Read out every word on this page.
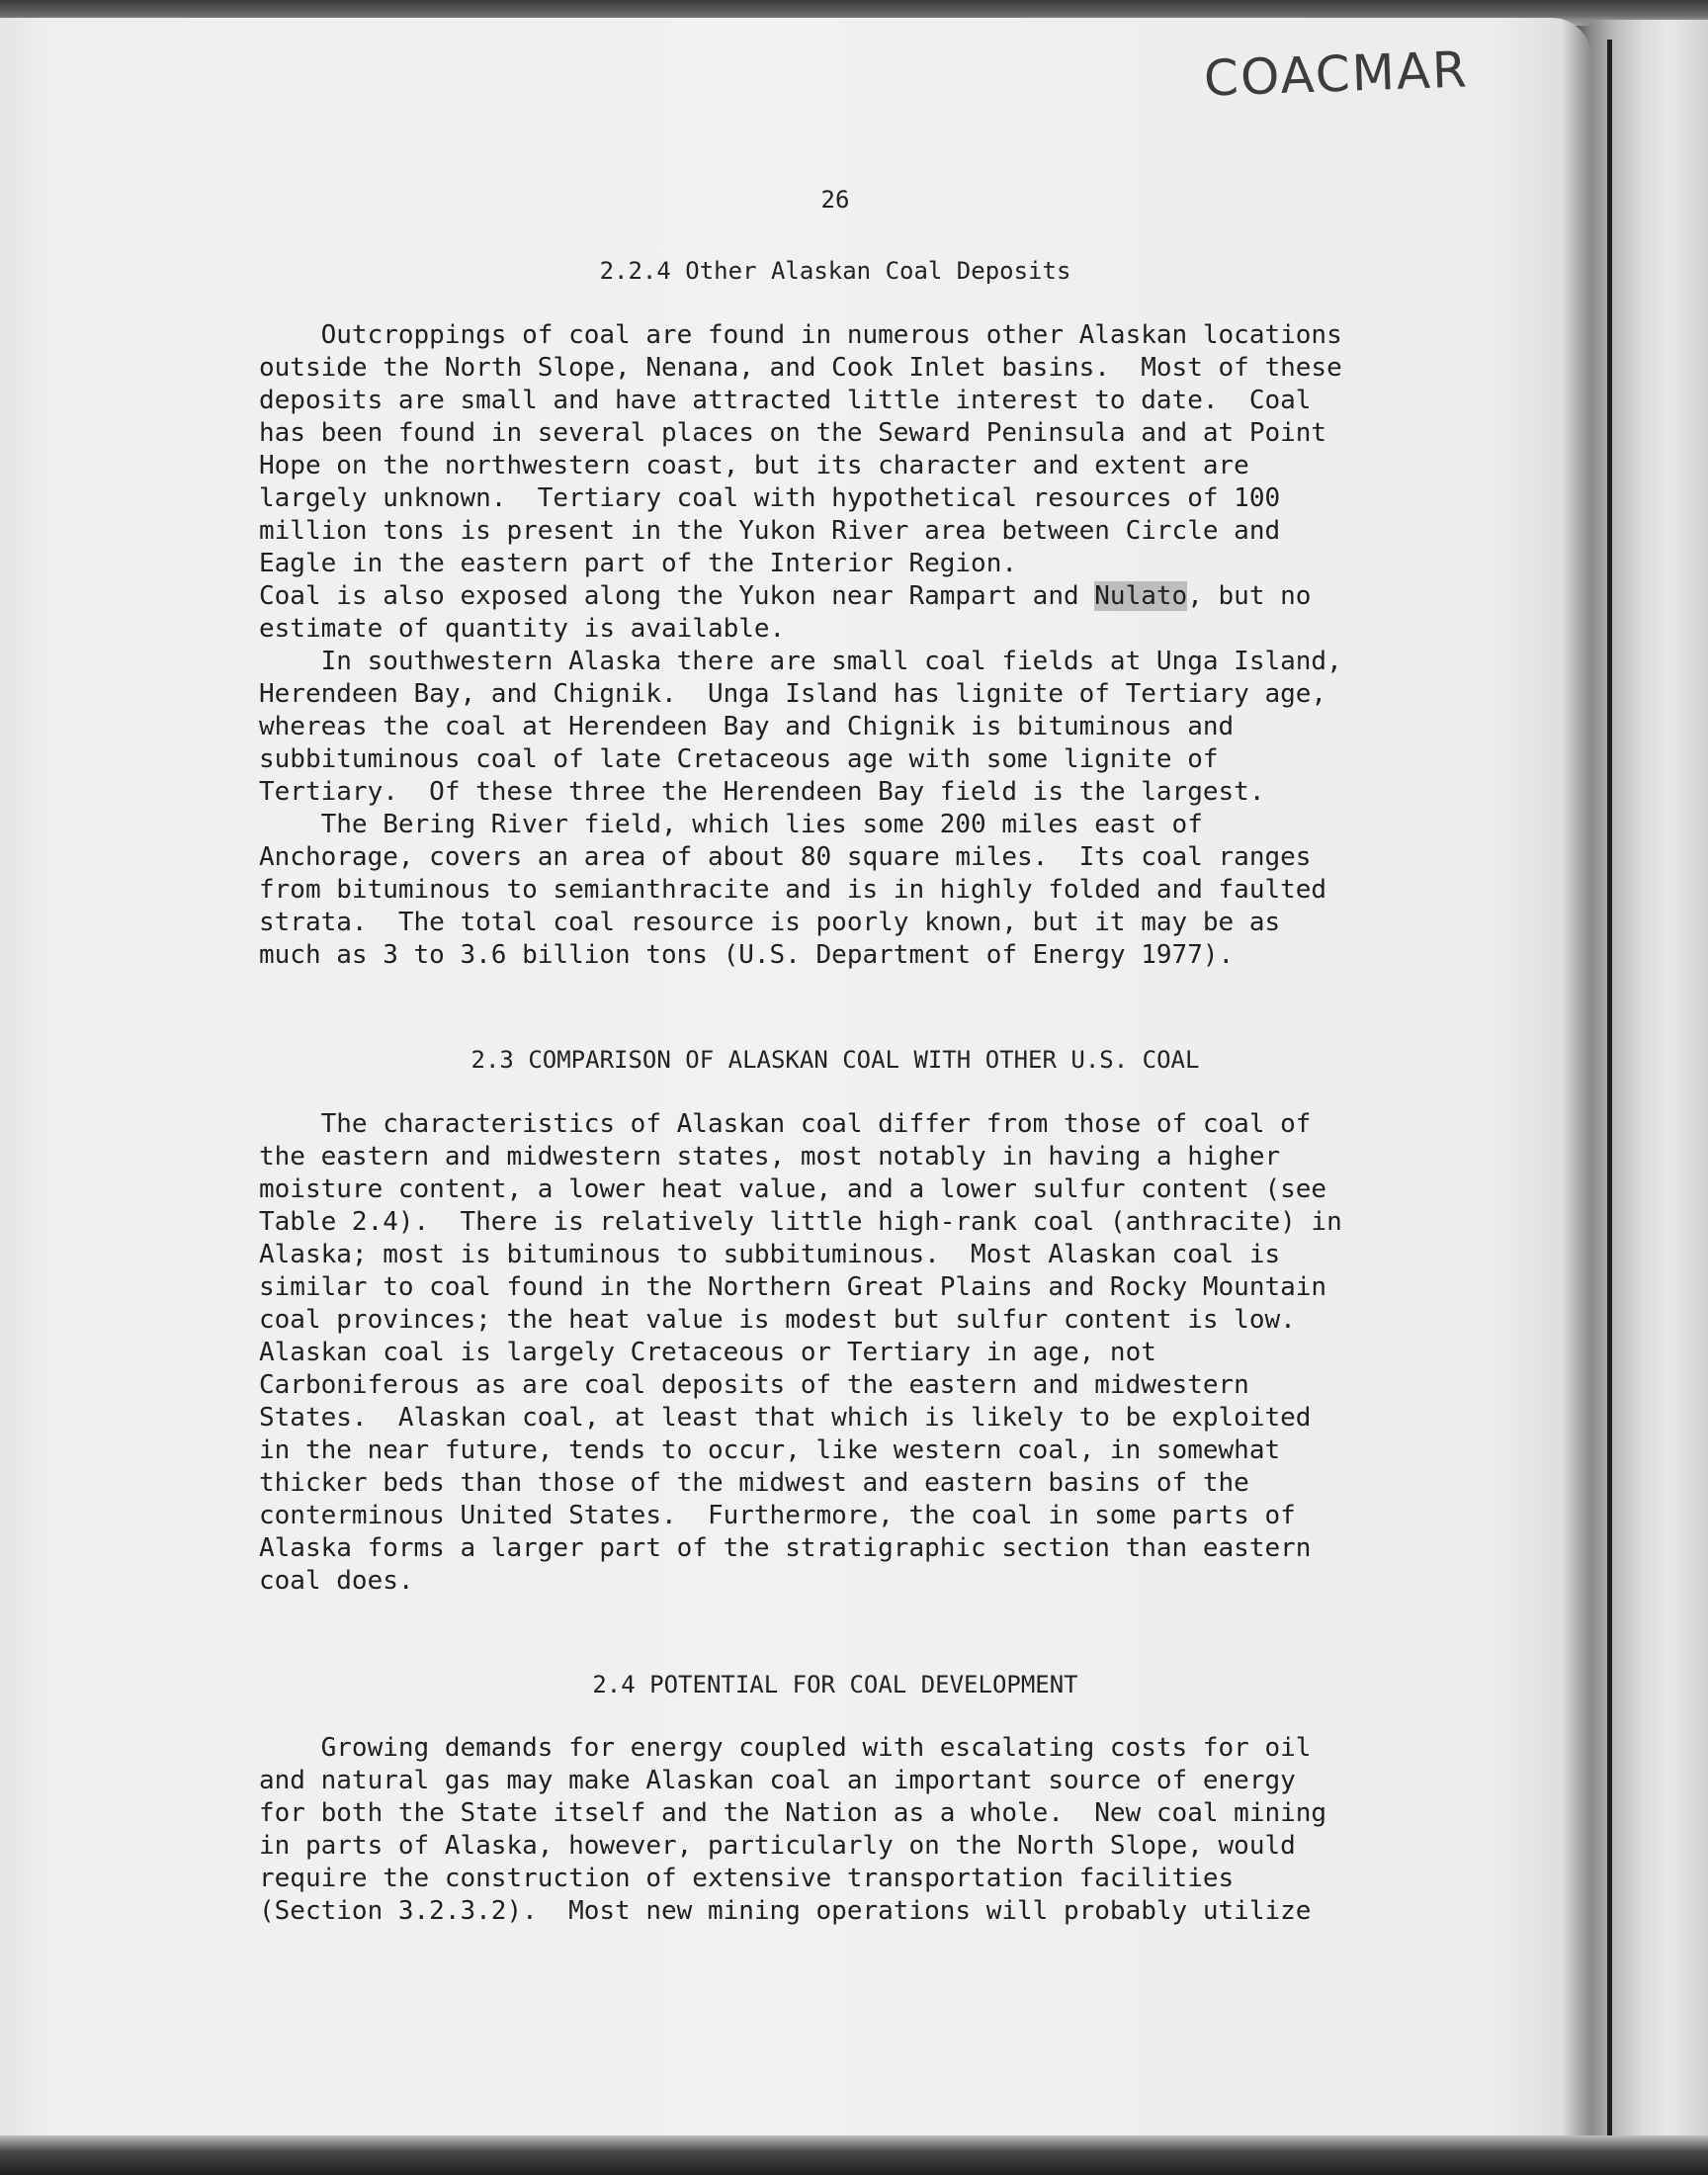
COACMAR
26
2.2.4 Other Alaskan Coal Deposits
Outcroppings of coal are found in numerous other Alaskan locations
outside the North Slope, Nenana, and Cook Inlet basins.  Most of these
deposits are small and have attracted little interest to date.  Coal
has been found in several places on the Seward Peninsula and at Point
Hope on the northwestern coast, but its character and extent are
largely unknown.  Tertiary coal with hypothetical resources of 100
million tons is present in the Yukon River area between Circle and
Eagle in the eastern part of the Interior Region.
Coal is also exposed along the Yukon near Rampart and Nulato, but no
estimate of quantity is available.
In southwestern Alaska there are small coal fields at Unga Island,
Herendeen Bay, and Chignik.  Unga Island has lignite of Tertiary age,
whereas the coal at Herendeen Bay and Chignik is bituminous and
subbituminous coal of late Cretaceous age with some lignite of
Tertiary.  Of these three the Herendeen Bay field is the largest.
The Bering River field, which lies some 200 miles east of
Anchorage, covers an area of about 80 square miles.  Its coal ranges
from bituminous to semianthracite and is in highly folded and faulted
strata.  The total coal resource is poorly known, but it may be as
much as 3 to 3.6 billion tons (U.S. Department of Energy 1977).
2.3 COMPARISON OF ALASKAN COAL WITH OTHER U.S. COAL
The characteristics of Alaskan coal differ from those of coal of
the eastern and midwestern states, most notably in having a higher
moisture content, a lower heat value, and a lower sulfur content (see
Table 2.4).  There is relatively little high-rank coal (anthracite) in
Alaska; most is bituminous to subbituminous.  Most Alaskan coal is
similar to coal found in the Northern Great Plains and Rocky Mountain
coal provinces; the heat value is modest but sulfur content is low.
Alaskan coal is largely Cretaceous or Tertiary in age, not
Carboniferous as are coal deposits of the eastern and midwestern
States.  Alaskan coal, at least that which is likely to be exploited
in the near future, tends to occur, like western coal, in somewhat
thicker beds than those of the midwest and eastern basins of the
conterminous United States.  Furthermore, the coal in some parts of
Alaska forms a larger part of the stratigraphic section than eastern
coal does.
2.4 POTENTIAL FOR COAL DEVELOPMENT
Growing demands for energy coupled with escalating costs for oil
and natural gas may make Alaskan coal an important source of energy
for both the State itself and the Nation as a whole.  New coal mining
in parts of Alaska, however, particularly on the North Slope, would
require the construction of extensive transportation facilities
(Section 3.2.3.2).  Most new mining operations will probably utilize
